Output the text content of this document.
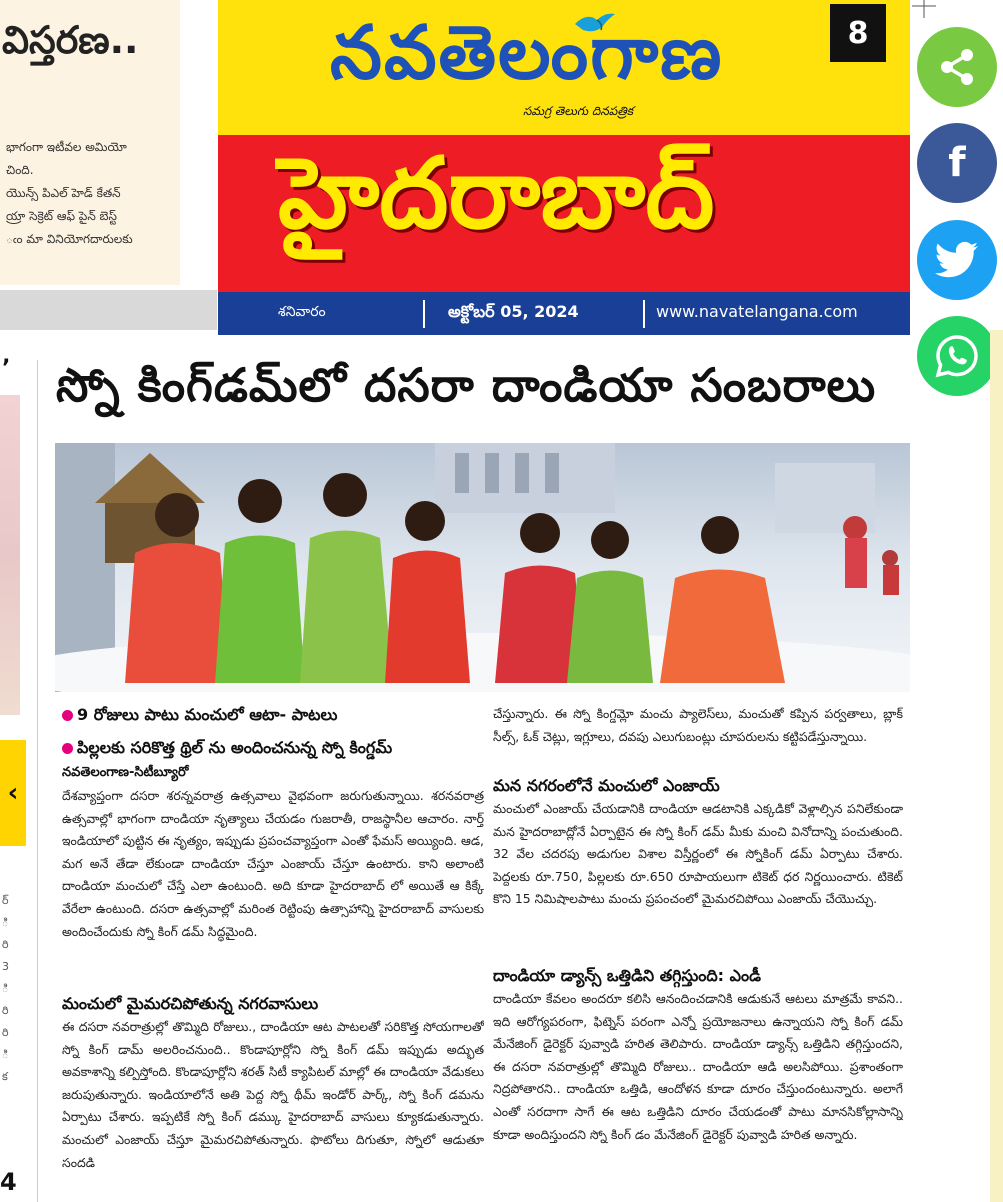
విస్తరణ..
భాగంగా ఇటీవల అమియో
చింది.
యొన్స్‌ పిఎల్‌ హెడ్‌ కేతన్‌
య్రా సెక్రెట్‌ ఆఫ్‌ పైన్‌ బెస్ట్‌
ఁం మా వినియోగదారులకు
నవతెలంగాణ
సమగ్ర తెలుగు దినపత్రిక
8
హైదరాబాద్
శనివారం	అక్టోబర్ 05, 2024	www.navatelangana.com
f
’
‹
ర్ ి రి 3 ి రి రి ి క
4
స్నో కింగ్‌డమ్‌లో దసరా దాండియా సంబరాలు
9 రోజులు పాటు మంచులో ఆటా- పాటలు
పిల్లలకు సరికొత్త థ్రిల్ ను అందించనున్న స్నో కింగ్డమ్
నవతెలంగాణ-సిటీబ్యూరో

దేశవ్యాప్తంగా దసరా శరన్నవరాత్ర ఉత్సవాలు వైభవంగా జరుగుతున్నాయి. శరనవరాత్ర ఉత్సవాల్లో భాగంగా దాండియా నృత్యాలు చేయడం గుజరాతీ, రాజస్థానీల ఆచారం. నార్త్ ఇండియాలో పుట్టిన ఈ నృత్యం, ఇప్పుడు ప్రపంచవ్యాప్తంగా ఎంతో ఫేమస్ అయ్యింది. ఆడ, మగ అనే తేడా లేకుండా దాండియా చేస్తూ ఎంజాయ్ చేస్తూ ఉంటారు. కాని అలాంటి దాండియా మంచులో చేస్తే ఎలా ఉంటుంది. అది కూడా హైదరాబాద్ లో అయితే ఆ కిక్కే వేరేలా ఉంటుంది. దసరా ఉత్సవాల్లో మరింత రెట్టింపు ఉత్సాహాన్ని హైదరాబాద్ వాసులకు అందించేందుకు స్నో కింగ్ డమ్ సిద్ధమైంది.

మంచులో మైమరచిపోతున్న నగరవాసులు

ఈ దసరా నవరాత్రుల్లో తొమ్మిది రోజులు., దాండియా ఆట పాటలతో సరికొత్త సోయగాలతో స్నో కింగ్ డామ్ అలరించనుంది.. కొండాపూర్లోని స్నో కింగ్ డమ్ ఇప్పుడు అద్భుత అవకాశాన్ని కల్పిస్తోంది. కొండాపూర్లోని శరత్ సిటీ క్యాపిటల్ మాల్లో ఈ దాండియా వేడుకలు జరుపుతున్నారు. ఇండియాలోనే అతి పెద్ద స్నో థీమ్ ఇండోర్ పార్క్, స్నో కింగ్ డమను ఏర్పాటు చేశారు. ఇప్పటికే స్నో కింగ్ డమ్కు హైదరాబాద్ వాసులు క్యూకడుతున్నారు. మంచులో ఎంజాయ్ చేస్తూ మైమరచిపోతున్నారు. ఫొటోలు దిగుతూ, స్నోలో ఆడుతూ సందడి

చేస్తున్నారు. ఈ స్నో కింగ్డమ్లో మంచు ప్యాలెస్‌లు, మంచుతో కప్పిన పర్వతాలు, బ్లాక్ సీల్స్, ఓక్ చెట్లు, ఇగ్లూలు, దవపు ఎలుగుబంట్లు చూపరులను కట్టిపడేస్తున్నాయి.

మన నగరంలోనే మంచులో ఎంజాయ్

మంచులో ఎంజాయ్ చేయడానికి దాండియా ఆడటానికి ఎక్కడికో వెళ్లాల్సిన పనిలేకుండా మన హైదరాబాద్లోనే ఏర్పాటైన ఈ స్నో కింగ్ డమ్ మీకు మంచి వినోదాన్ని పంచుతుంది. 32 వేల చదరపు అడుగుల విశాల విస్తీర్ణంలో ఈ స్నోకింగ్ డమ్ ఏర్పాటు చేశారు. పెద్దలకు రూ.750, పిల్లలకు రూ.650 రూపాయలుగా టికెట్ ధర నిర్ణయించారు. టికెట్ కొని 15 నిమిషాలపాటు మంచు ప్రపంచంలో మైమరచిపోయి ఎంజాయ్ చేయొచ్చు.

దాండియా డ్యాన్స్ ఒత్తిడిని తగ్గిస్తుంది: ఎండీ

దాండియా కేవలం అందరూ కలిసి ఆనందించడానికి ఆడుకునే ఆటలు మాత్రమే కావని.. ఇది ఆరోగ్యపరంగా, ఫిట్నెస్ పరంగా ఎన్నో ప్రయోజనాలు ఉన్నాయని స్నో కింగ్ డమ్ మేనేజింగ్ డైరెక్టర్ పువ్వాడి హరిత తెలిపారు. దాండియా డ్యాన్స్ ఒత్తిడిని తగ్గిస్తుందని, ఈ దసరా నవరాత్రుల్లో తొమ్మిది రోజులు.. దాండియా ఆడి అలసిపోయి. ప్రశాంతంగా నిద్రపోతారని.. దాండియా ఒత్తిడి, ఆందోళన కూడా దూరం చేస్తుందంటున్నారు. అలాగే ఎంతో సరదాగా సాగే ఈ ఆట ఒత్తిడిని దూరం చేయడంతో పాటు మానసికోల్లాసాన్ని కూడా అందిస్తుందని స్నో కింగ్ డం మేనేజింగ్ డైరెక్టర్ పువ్వాడి హరిత అన్నారు.
